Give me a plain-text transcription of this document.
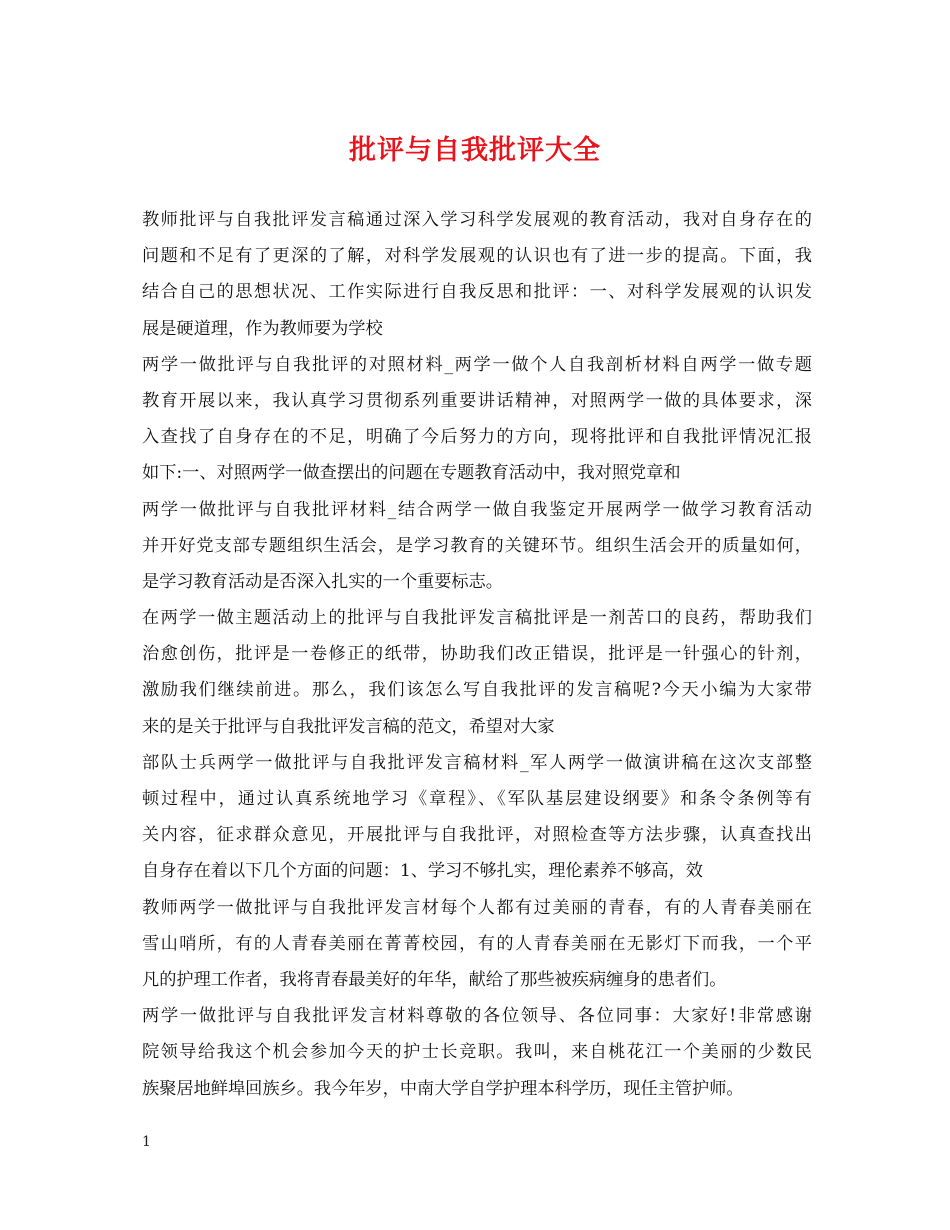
批评与自我批评大全
教师批评与自我批评发言稿通过深入学习科学发展观的教育活动，我对自身存在的
问题和不足有了更深的了解，对科学发展观的认识也有了进一步的提高。下面，我
结合自己的思想状况、工作实际进行自我反思和批评：一、对科学发展观的认识发
展是硬道理，作为教师要为学校
两学一做批评与自我批评的对照材料_两学一做个人自我剖析材料自两学一做专题
教育开展以来，我认真学习贯彻系列重要讲话精神，对照两学一做的具体要求，深
入查找了自身存在的不足，明确了今后努力的方向，现将批评和自我批评情况汇报
如下:一、对照两学一做查摆出的问题在专题教育活动中，我对照党章和
两学一做批评与自我批评材料_结合两学一做自我鉴定开展两学一做学习教育活动
并开好党支部专题组织生活会，是学习教育的关键环节。组织生活会开的质量如何，
是学习教育活动是否深入扎实的一个重要标志。
在两学一做主题活动上的批评与自我批评发言稿批评是一剂苦口的良药，帮助我们
治愈创伤，批评是一卷修正的纸带，协助我们改正错误，批评是一针强心的针剂，
激励我们继续前进。那么，我们该怎么写自我批评的发言稿呢?今天小编为大家带
来的是关于批评与自我批评发言稿的范文，希望对大家
部队士兵两学一做批评与自我批评发言稿材料_军人两学一做演讲稿在这次支部整
顿过程中，通过认真系统地学习《章程》、《军队基层建设纲要》和条令条例等有
关内容，征求群众意见，开展批评与自我批评，对照检查等方法步骤，认真查找出
自身存在着以下几个方面的问题：1、学习不够扎实，理伦素养不够高，效
教师两学一做批评与自我批评发言材每个人都有过美丽的青春，有的人青春美丽在
雪山哨所，有的人青春美丽在菁菁校园，有的人青春美丽在无影灯下而我，一个平
凡的护理工作者，我将青春最美好的年华，献给了那些被疾病缠身的患者们。
两学一做批评与自我批评发言材料尊敬的各位领导、各位同事：大家好!非常感谢
院领导给我这个机会参加今天的护士长竞职。我叫，来自桃花江一个美丽的少数民
族聚居地鲜埠回族乡。我今年岁，中南大学自学护理本科学历，现任主管护师。
1
